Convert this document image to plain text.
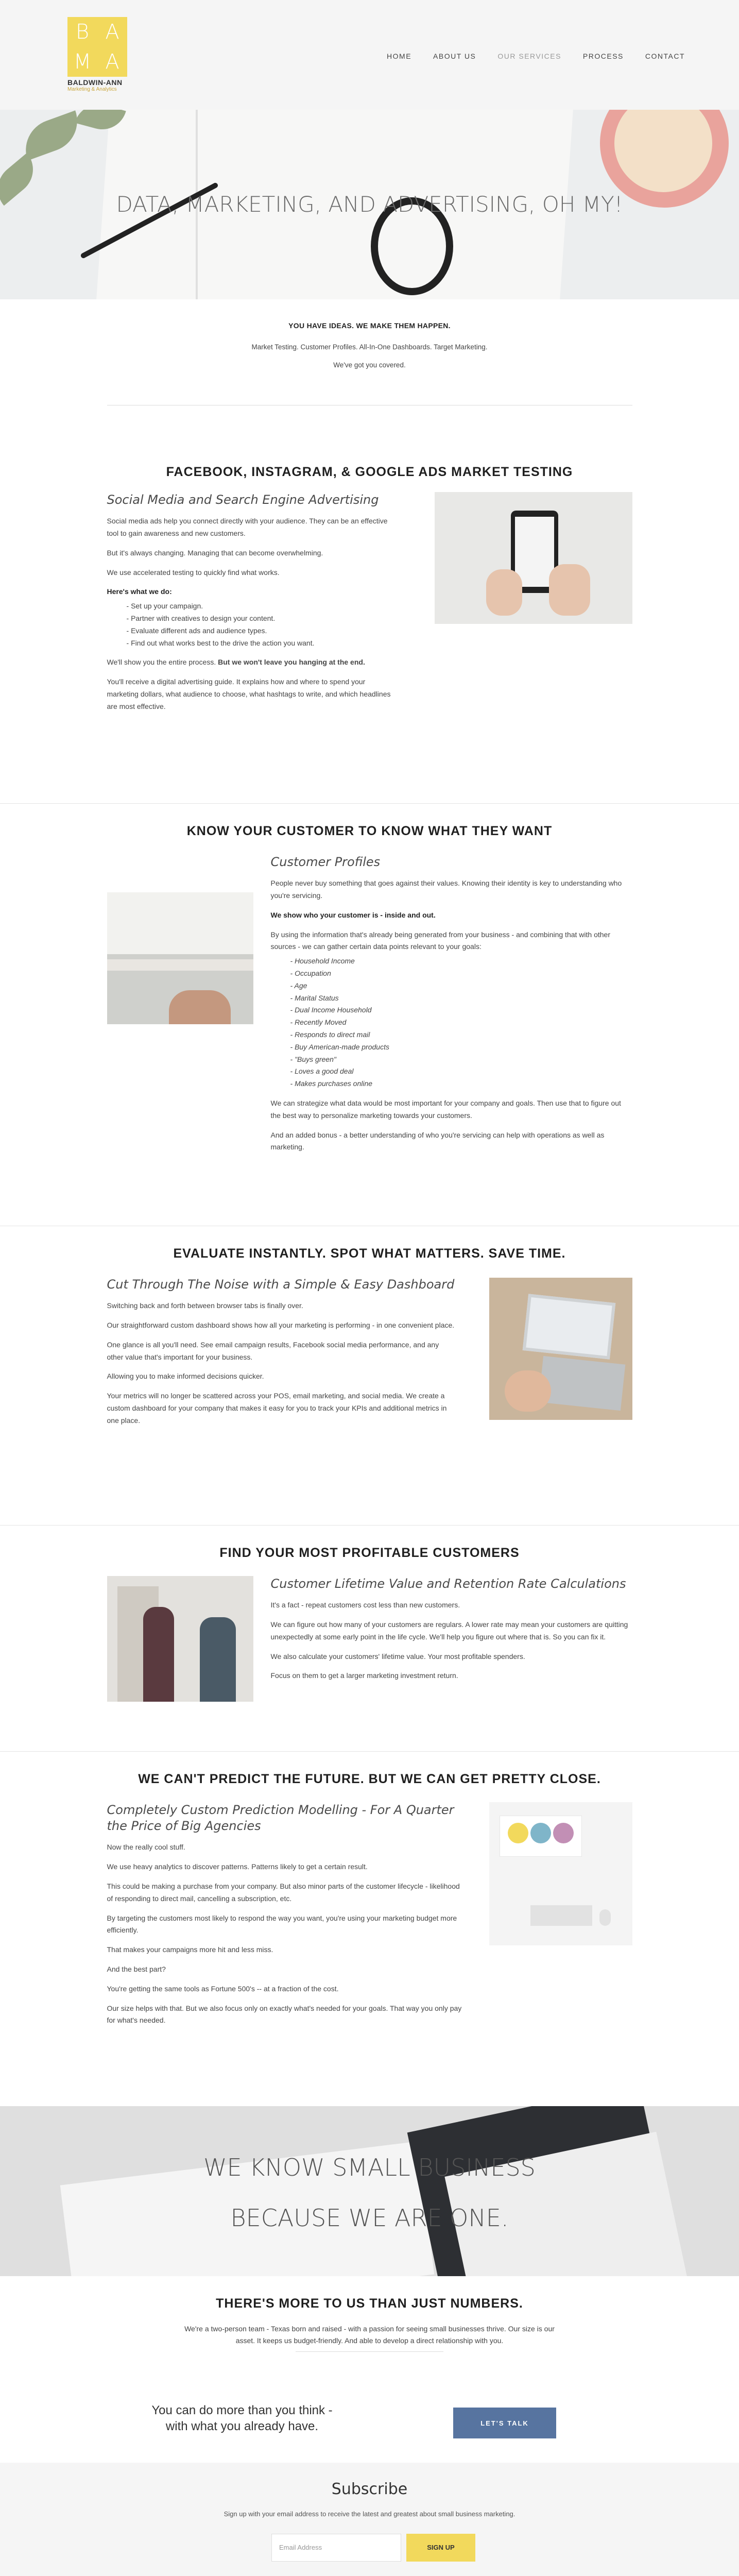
B A
M A
BALDWIN-ANN
Marketing & Analytics
HOME	ABOUT US	OUR SERVICES	PROCESS	CONTACT
DATA, MARKETING, AND ADVERTISING, OH MY!
YOU HAVE IDEAS. WE MAKE THEM HAPPEN.

Market Testing. Customer Profiles. All-In-One Dashboards. Target Marketing.

We've got you covered.

FACEBOOK, INSTAGRAM, & GOOGLE ADS MARKET TESTING
Social Media and Search Engine Advertising

Social media ads help you connect directly with your audience. They can be an effective tool to gain awareness and new customers.

But it's always changing. Managing that can become overwhelming.

We use accelerated testing to quickly find what works.

Here's what we do:

- Set up your campaign.
- Partner with creatives to design your content.
- Evaluate different ads and audience types.
- Find out what works best to the drive the action you want.

We'll show you the entire process. But we won't leave you hanging at the end.

You'll receive a digital advertising guide. It explains how and where to spend your marketing dollars, what audience to choose, what hashtags to write, and which headlines are most effective.

KNOW YOUR CUSTOMER TO KNOW WHAT THEY WANT
Customer Profiles

People never buy something that goes against their values. Knowing their identity is key to understanding who you're servicing.

We show who your customer is - inside and out.

By using the information that's already being generated from your business - and combining that with other sources - we can gather certain data points relevant to your goals:

- Household Income
- Occupation
- Age
- Marital Status
- Dual Income Household
- Recently Moved
- Responds to direct mail
- Buy American-made products
- "Buys green"
- Loves a good deal
- Makes purchases online

We can strategize what data would be most important for your company and goals. Then use that to figure out the best way to personalize marketing towards your customers.

And an added bonus - a better understanding of who you're servicing can help with operations as well as marketing.

EVALUATE INSTANTLY. SPOT WHAT MATTERS. SAVE TIME.
Cut Through The Noise with a Simple & Easy Dashboard

Switching back and forth between browser tabs is finally over.

Our straightforward custom dashboard shows how all your marketing is performing - in one convenient place.

One glance is all you'll need. See email campaign results, Facebook social media performance, and any other value that's important for your business.

Allowing you to make informed decisions quicker.

Your metrics will no longer be scattered across your POS, email marketing, and social media. We create a custom dashboard for your company that makes it easy for you to track your KPIs and additional metrics in one place.

FIND YOUR MOST PROFITABLE CUSTOMERS
Customer Lifetime Value and Retention Rate Calculations

It's a fact - repeat customers cost less than new customers.

We can figure out how many of your customers are regulars. A lower rate may mean your customers are quitting unexpectedly at some early point in the life cycle. We'll help you figure out where that is. So you can fix it.

We also calculate your customers' lifetime value. Your most profitable spenders.

Focus on them to get a larger marketing investment return.

WE CAN'T PREDICT THE FUTURE. BUT WE CAN GET PRETTY CLOSE.
Completely Custom Prediction Modelling - For A Quarter the Price of Big Agencies

Now the really cool stuff.

We use heavy analytics to discover patterns. Patterns likely to get a certain result.

This could be making a purchase from your company. But also minor parts of the customer lifecycle - likelihood of responding to direct mail, cancelling a subscription, etc.

By targeting the customers most likely to respond the way you want, you're using your marketing budget more efficiently.

That makes your campaigns more hit and less miss.

And the best part?

You're getting the same tools as Fortune 500's -- at a fraction of the cost.

Our size helps with that. But we also focus only on exactly what's needed for your goals. That way you only pay for what's needed.

WE KNOW SMALL BUSINESS
BECAUSE WE ARE ONE.
THERE'S MORE TO US THAN JUST NUMBERS.

We're a two-person team - Texas born and raised - with a passion for seeing small businesses thrive. Our size is our

asset. It keeps us budget-friendly. And able to develop a direct relationship with you.

You can do more than you think - with what you already have.	LET'S TALK
Subscribe

Sign up with your email address to receive the latest and greatest about small business marketing.

Email Address	SIGN UP
